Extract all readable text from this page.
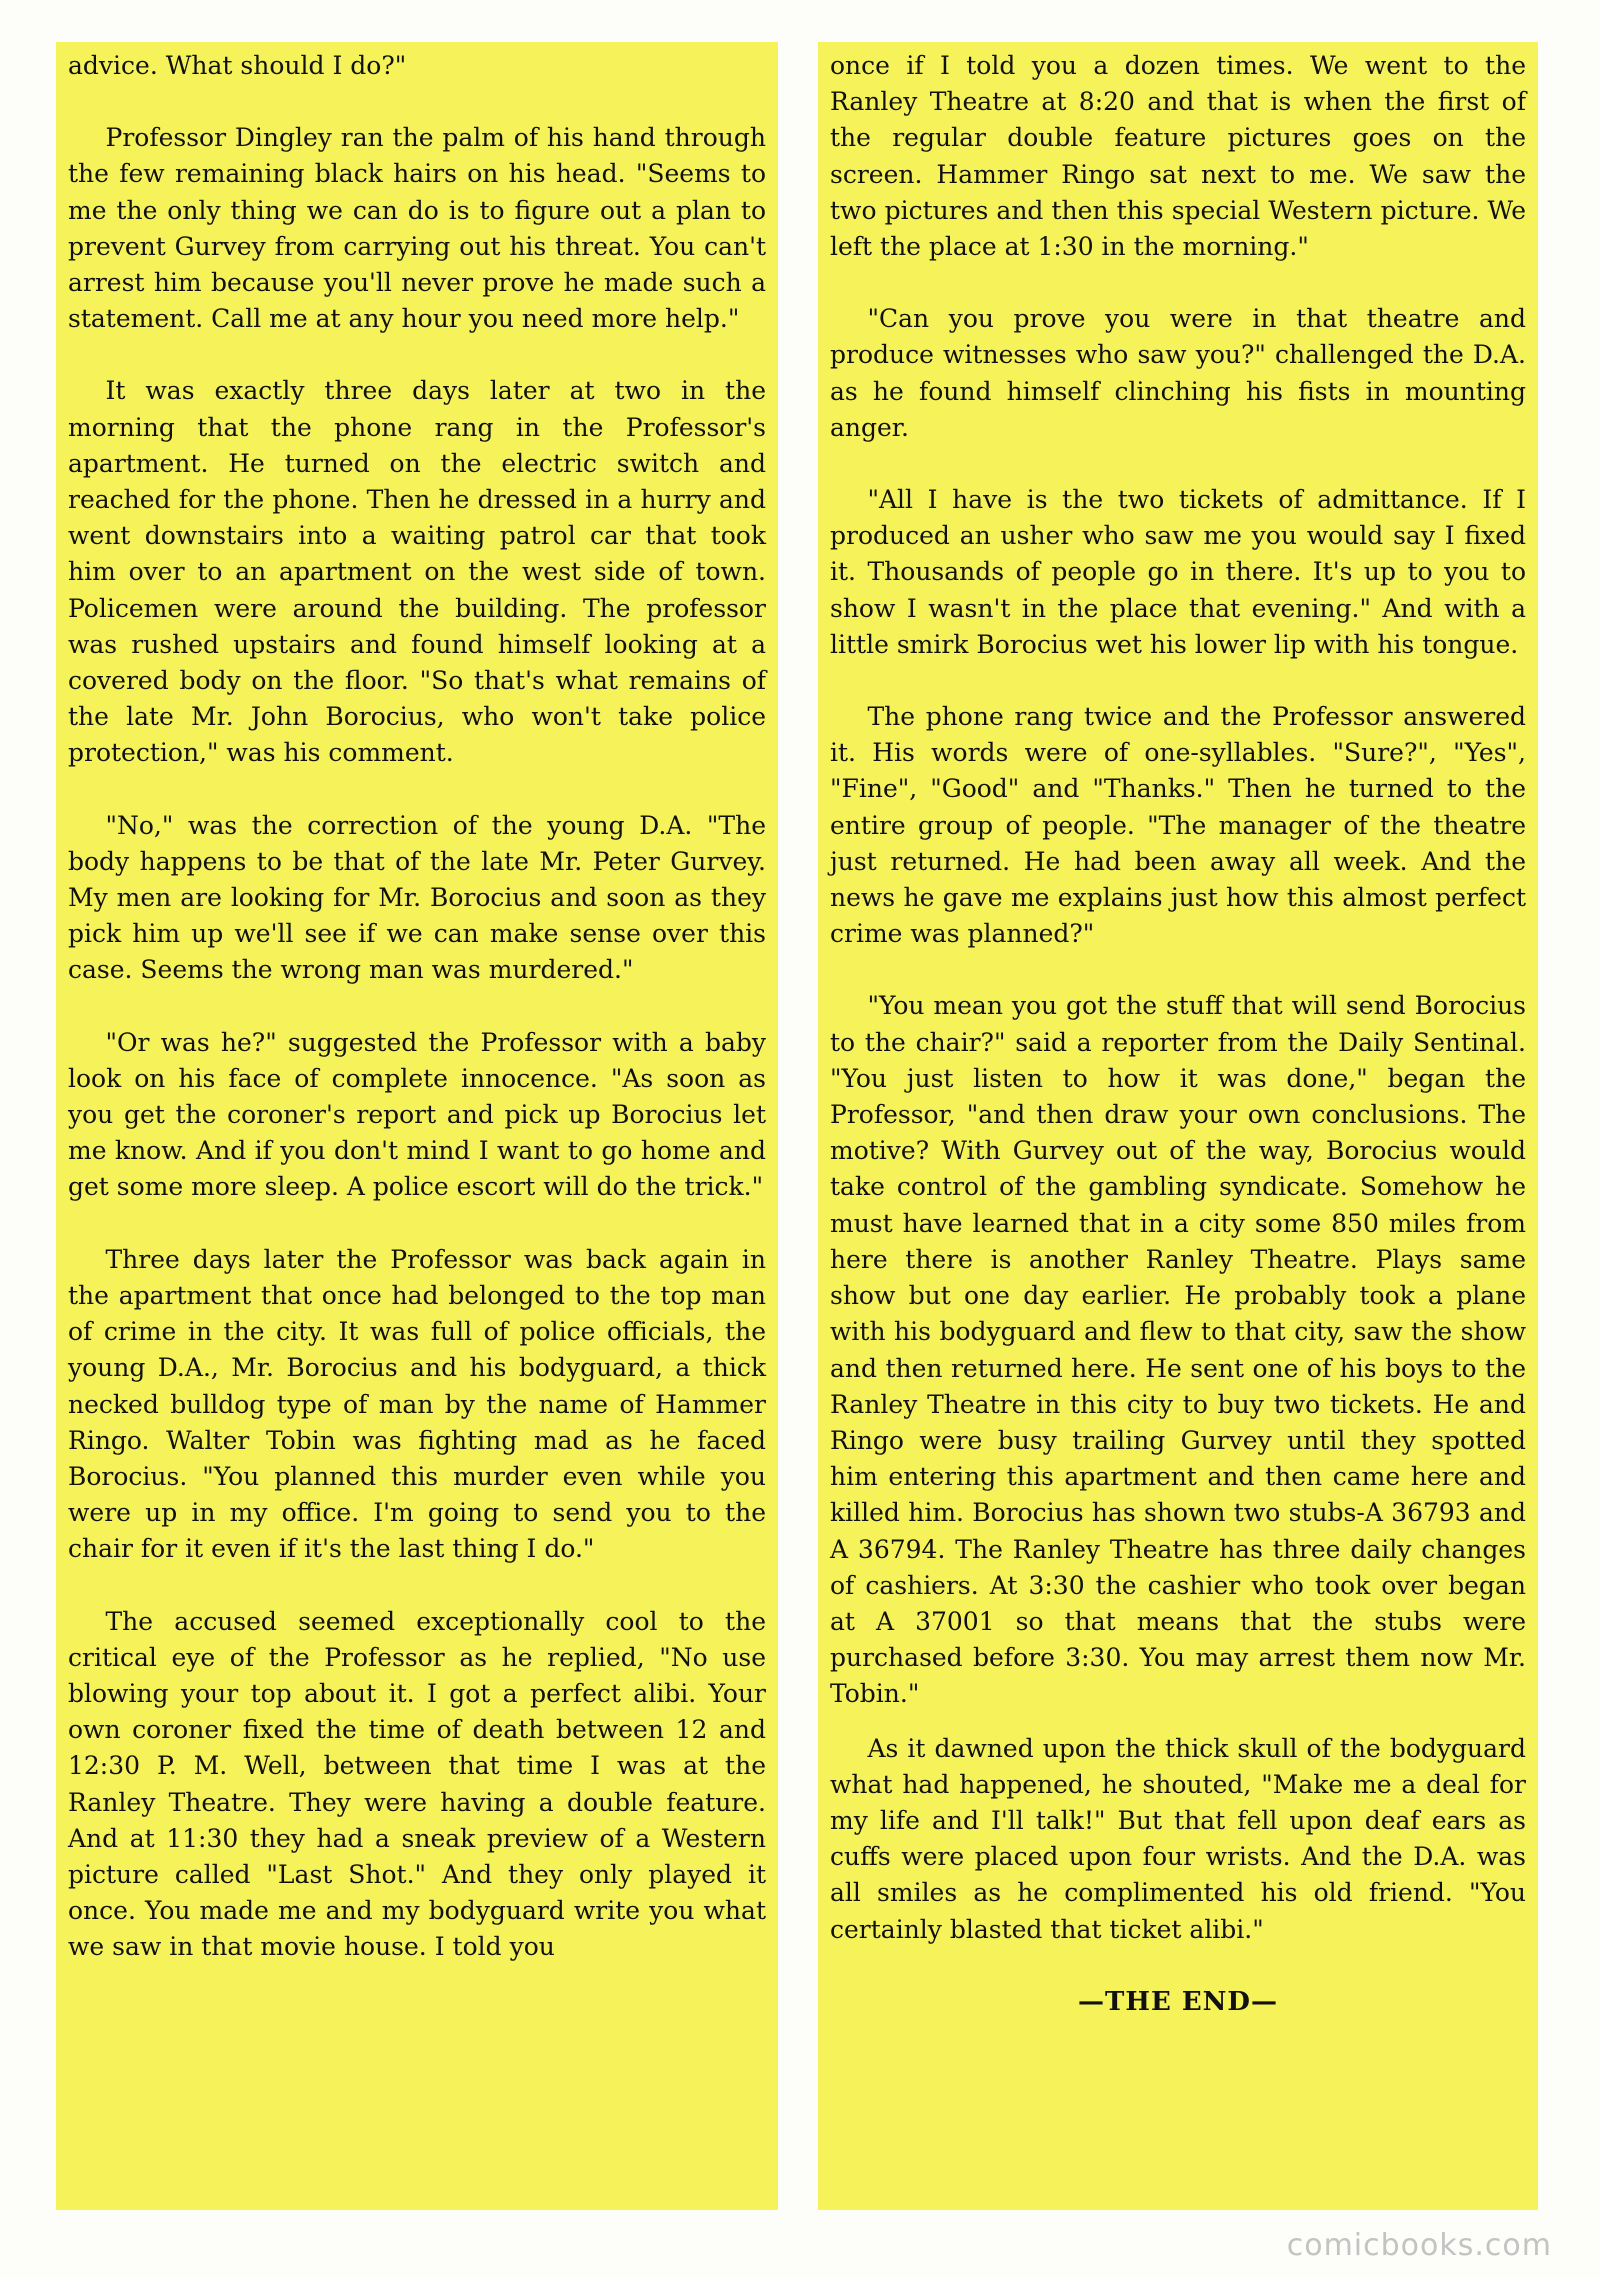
advice. What should I do?"

Professor Dingley ran the palm of his hand through the few remaining black hairs on his head. "Seems to me the only thing we can do is to figure out a plan to prevent Gurvey from carrying out his threat. You can't arrest him because you'll never prove he made such a statement. Call me at any hour you need more help."

It was exactly three days later at two in the morning that the phone rang in the Professor's apartment. He turned on the electric switch and reached for the phone. Then he dressed in a hurry and went downstairs into a waiting patrol car that took him over to an apartment on the west side of town. Policemen were around the building. The professor was rushed upstairs and found himself looking at a covered body on the floor. "So that's what remains of the late Mr. John Borocius, who won't take police protection," was his comment.

"No," was the correction of the young D.A. "The body happens to be that of the late Mr. Peter Gurvey. My men are looking for Mr. Borocius and soon as they pick him up we'll see if we can make sense over this case. Seems the wrong man was murdered."

"Or was he?" suggested the Professor with a baby look on his face of complete innocence. "As soon as you get the coroner's report and pick up Borocius let me know. And if you don't mind I want to go home and get some more sleep. A police escort will do the trick."

Three days later the Professor was back again in the apartment that once had belonged to the top man of crime in the city. It was full of police officials, the young D.A., Mr. Borocius and his bodyguard, a thick necked bulldog type of man by the name of Hammer Ringo. Walter Tobin was fighting mad as he faced Borocius. "You planned this murder even while you were up in my office. I'm going to send you to the chair for it even if it's the last thing I do."

The accused seemed exceptionally cool to the critical eye of the Professor as he replied, "No use blowing your top about it. I got a perfect alibi. Your own coroner fixed the time of death between 12 and 12:30 P. M. Well, between that time I was at the Ranley Theatre. They were having a double feature. And at 11:30 they had a sneak preview of a Western picture called "Last Shot." And they only played it once. You made me and my bodyguard write you what we saw in that movie house. I told you

once if I told you a dozen times. We went to the Ranley Theatre at 8:20 and that is when the first of the regular double feature pictures goes on the screen. Hammer Ringo sat next to me. We saw the two pictures and then this special Western picture. We left the place at 1:30 in the morning."

"Can you prove you were in that theatre and produce witnesses who saw you?" challenged the D.A. as he found himself clinching his fists in mounting anger.

"All I have is the two tickets of admittance. If I produced an usher who saw me you would say I fixed it. Thousands of people go in there. It's up to you to show I wasn't in the place that evening." And with a little smirk Borocius wet his lower lip with his tongue.

The phone rang twice and the Professor answered it. His words were of one-syllables. "Sure?", "Yes", "Fine", "Good" and "Thanks." Then he turned to the entire group of people. "The manager of the theatre just returned. He had been away all week. And the news he gave me explains just how this almost perfect crime was planned?"

"You mean you got the stuff that will send Borocius to the chair?" said a reporter from the Daily Sentinal. "You just listen to how it was done," began the Professor, "and then draw your own conclusions. The motive? With Gurvey out of the way, Borocius would take control of the gambling syndicate. Somehow he must have learned that in a city some 850 miles from here there is another Ranley Theatre. Plays same show but one day earlier. He probably took a plane with his bodyguard and flew to that city, saw the show and then returned here. He sent one of his boys to the Ranley Theatre in this city to buy two tickets. He and Ringo were busy trailing Gurvey until they spotted him entering this apartment and then came here and killed him. Borocius has shown two stubs-A 36793 and A 36794. The Ranley Theatre has three daily changes of cashiers. At 3:30 the cashier who took over began at A 37001 so that means that the stubs were purchased before 3:30. You may arrest them now Mr. Tobin."

As it dawned upon the thick skull of the bodyguard what had happened, he shouted, "Make me a deal for my life and I'll talk!" But that fell upon deaf ears as cuffs were placed upon four wrists. And the D.A. was all smiles as he complimented his old friend. "You certainly blasted that ticket alibi."

—THE END—
comicbooks.com
